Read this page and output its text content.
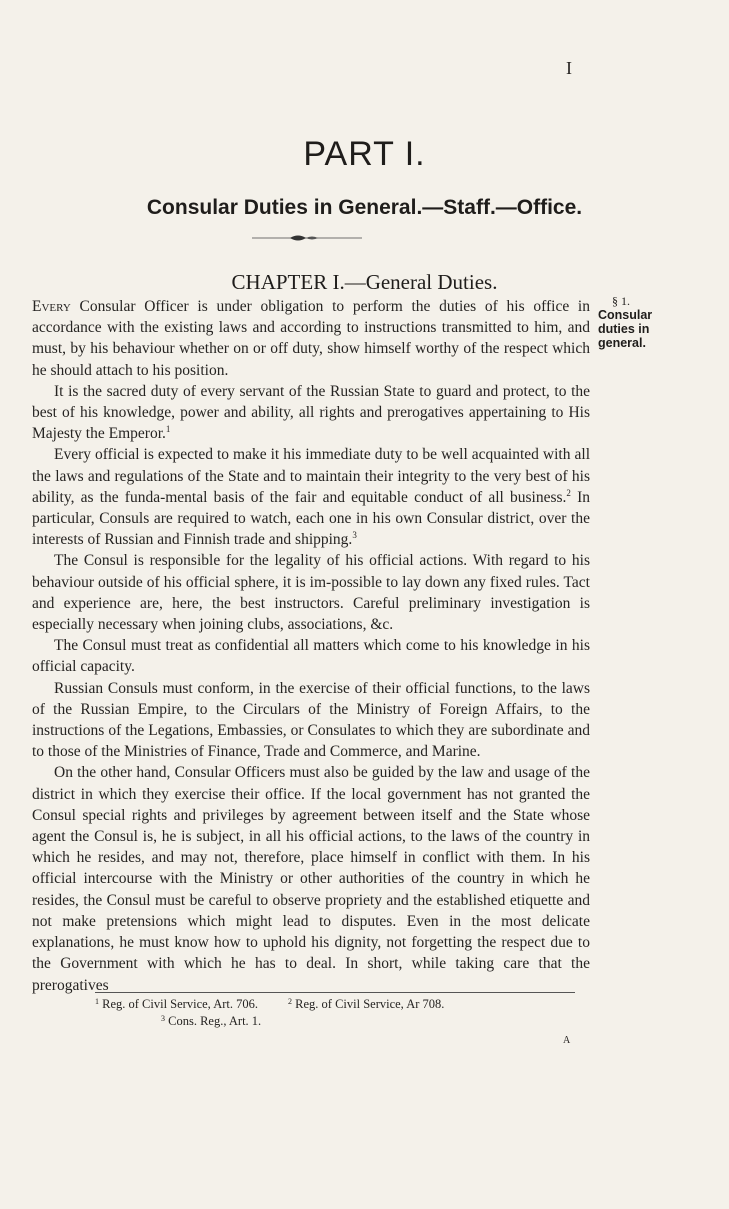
I
PART I.
Consular Duties in General.—Staff.—Office.
CHAPTER I.—General Duties.
§ 1.
Consular
duties in
general.

Every Consular Officer is under obligation to perform the duties of his office in accordance with the existing laws and according to instructions transmitted to him, and must, by his behaviour whether on or off duty, show himself worthy of the respect which he should attach to his position.

It is the sacred duty of every servant of the Russian State to guard and protect, to the best of his knowledge, power and ability, all rights and prerogatives appertaining to His Majesty the Emperor.$^1$

Every official is expected to make it his immediate duty to be well acquainted with all the laws and regulations of the State and to maintain their integrity to the very best of his ability, as the funda-mental basis of the fair and equitable conduct of all business.$^2$ In particular, Consuls are required to watch, each one in his own Consular district, over the interests of Russian and Finnish trade and shipping.$^3$

The Consul is responsible for the legality of his official actions. With regard to his behaviour outside of his official sphere, it is im-possible to lay down any fixed rules. Tact and experience are, here, the best instructors. Careful preliminary investigation is especially necessary when joining clubs, associations, &c.

The Consul must treat as confidential all matters which come to his knowledge in his official capacity.

Russian Consuls must conform, in the exercise of their official functions, to the laws of the Russian Empire, to the Circulars of the Ministry of Foreign Affairs, to the instructions of the Legations, Embassies, or Consulates to which they are subordinate and to those of the Ministries of Finance, Trade and Commerce, and Marine.

On the other hand, Consular Officers must also be guided by the law and usage of the district in which they exercise their office. If the local government has not granted the Consul special rights and privileges by agreement between itself and the State whose agent the Consul is, he is subject, in all his official actions, to the laws of the country in which he resides, and may not, therefore, place himself in conflict with them. In his official intercourse with the Ministry or other authorities of the country in which he resides, the Consul must be careful to observe propriety and the established etiquette and not make pretensions which might lead to disputes. Even in the most delicate explanations, he must know how to uphold his dignity, not forgetting the respect due to the Government with which he has to deal. In short, while taking care that the prerogatives

$^1$ Reg. of Civil Service, Art. 706.	$^2$ Reg. of Civil Service, Ar 708.
$^3$ Cons. Reg., Art. 1.
A
